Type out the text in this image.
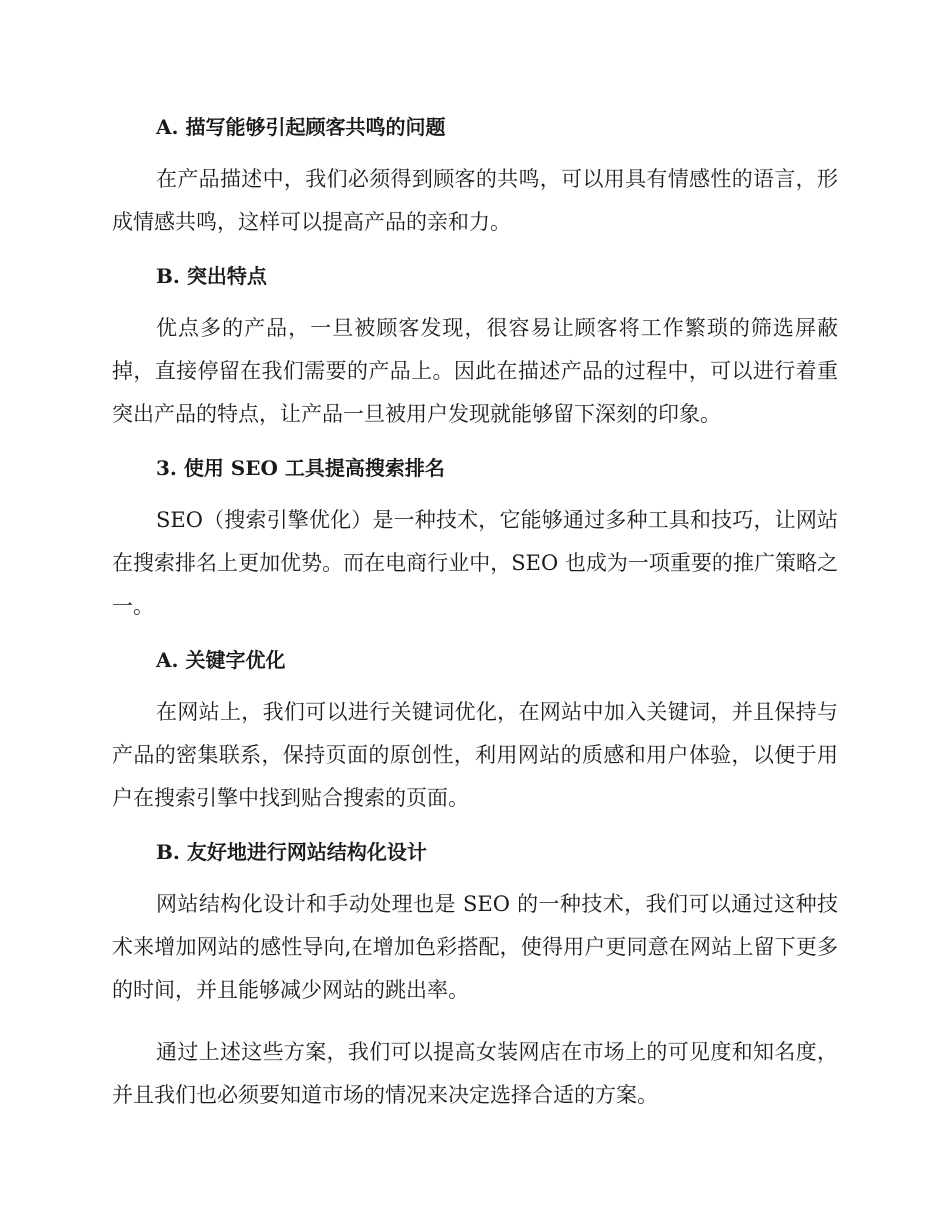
A. 描写能够引起顾客共鸣的问题

在产品描述中，我们必须得到顾客的共鸣，可以用具有情感性的语言，形成情感共鸣，这样可以提高产品的亲和力。

B. 突出特点

优点多的产品，一旦被顾客发现，很容易让顾客将工作繁琐的筛选屏蔽掉，直接停留在我们需要的产品上。因此在描述产品的过程中，可以进行着重突出产品的特点，让产品一旦被用户发现就能够留下深刻的印象。

3. 使用 SEO 工具提高搜索排名

SEO（搜索引擎优化）是一种技术，它能够通过多种工具和技巧，让网站在搜索排名上更加优势。而在电商行业中，SEO 也成为一项重要的推广策略之一。

A. 关键字优化

在网站上，我们可以进行关键词优化，在网站中加入关键词，并且保持与产品的密集联系，保持页面的原创性，利用网站的质感和用户体验，以便于用户在搜索引擎中找到贴合搜索的页面。

B. 友好地进行网站结构化设计

网站结构化设计和手动处理也是 SEO 的一种技术，我们可以通过这种技术来增加网站的感性导向,在增加色彩搭配，使得用户更同意在网站上留下更多的时间，并且能够减少网站的跳出率。

通过上述这些方案，我们可以提高女装网店在市场上的可见度和知名度，并且我们也必须要知道市场的情况来决定选择合适的方案。
